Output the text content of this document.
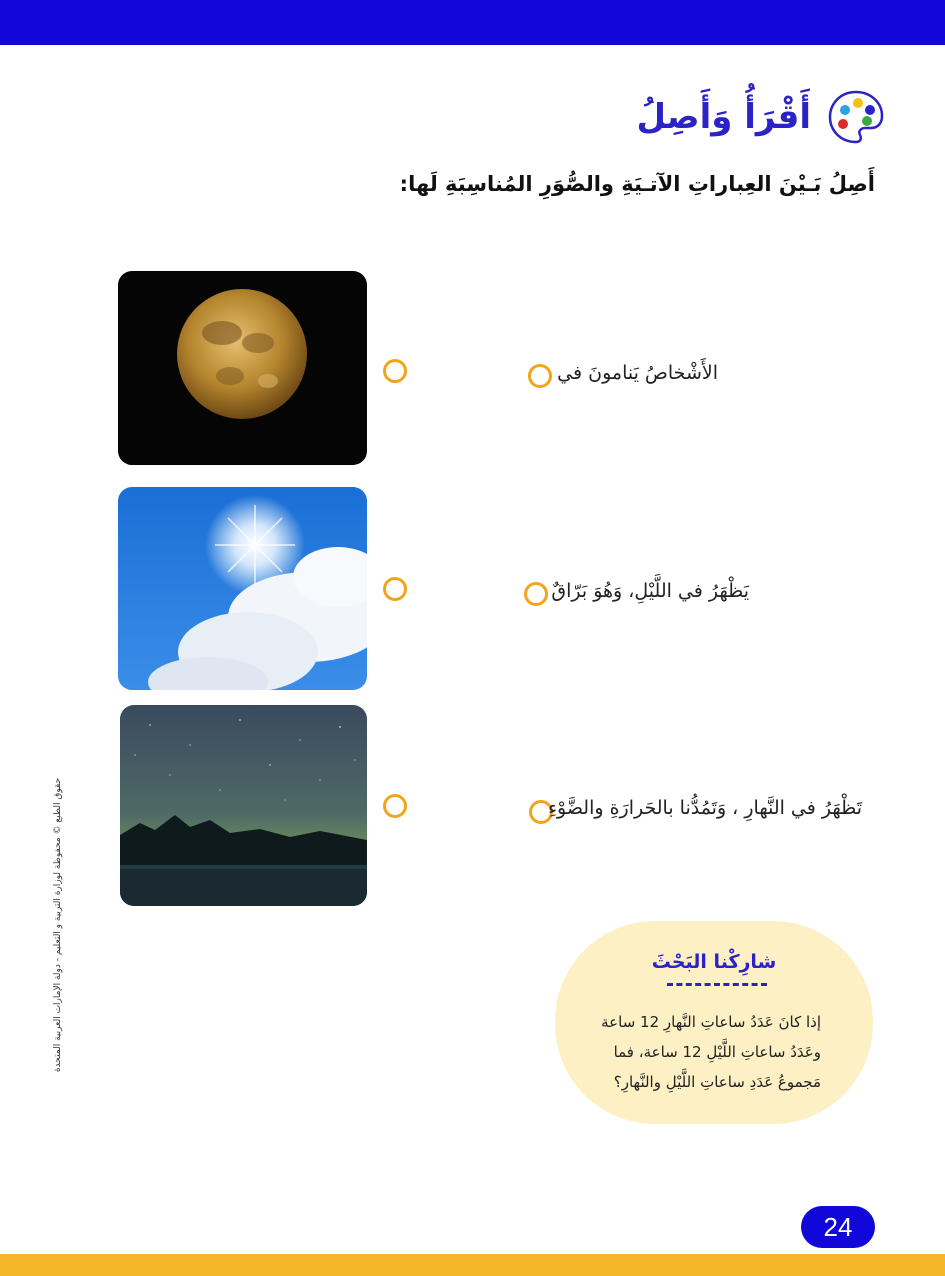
أَقْرَأُ وَأَصِلُ
أَصِلُ بَـيْنَ العِباراتِ الآتـيَةِ والصُّوَرِ المُناسِبَةِ لَها:
الأَشْخاصُ يَنامونَ في
يَظْهَرُ في اللَّيْلِ، وَهُوَ بَرّاقٌ
تَظْهَرُ في النَّهارِ ، وَتَمُدُّنا بالحَرارَةِ والضَّوْءِ
حقوق الطبع © محفوظة لوزارة التربية و التعليم - دولة الإمارات العربية المتحدة	شارِكْنا البَحْثَ
إذا كانَ عَدَدُ ساعاتِ النَّهارِ 12 ساعة
وعَدَدُ ساعاتِ اللَّيْلِ 12 ساعة، فما
مَجموعُ عَدَدِ ساعاتِ اللَّيْلِ والنَّهارِ؟
24
